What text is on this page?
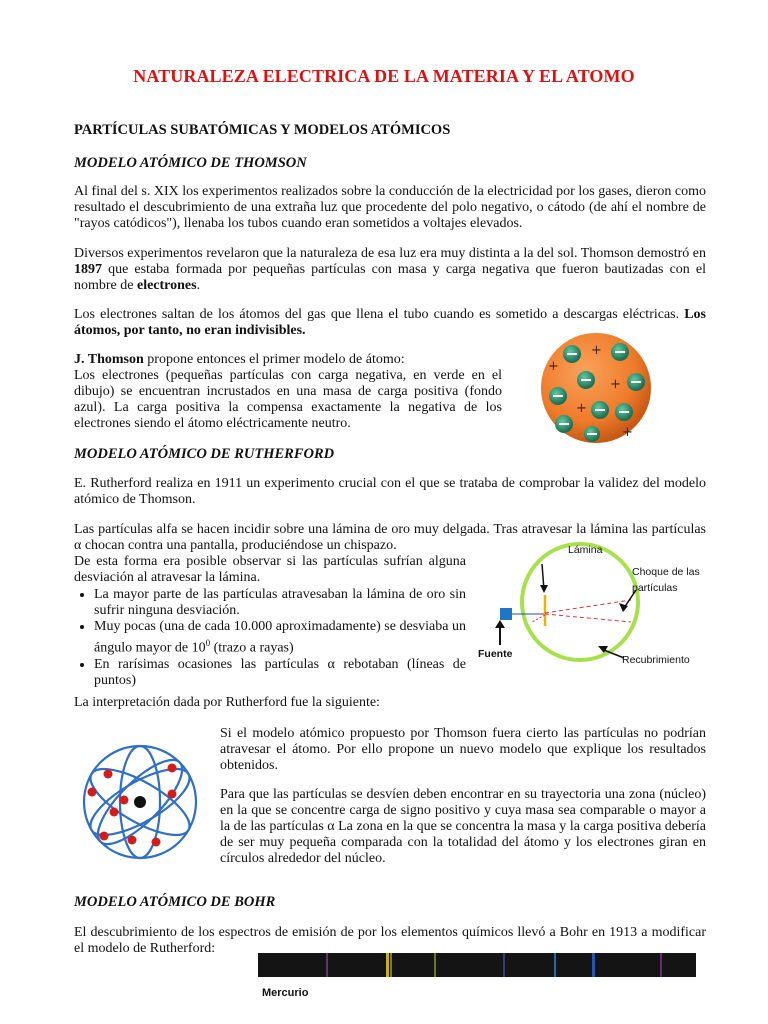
NATURALEZA ELECTRICA DE LA MATERIA Y EL ATOMO
PARTÍCULAS SUBATÓMICAS Y MODELOS ATÓMICOS
MODELO ATÓMICO DE THOMSON
Al final del s. XIX los experimentos realizados sobre la conducción de la electricidad por los gases, dieron como resultado el descubrimiento de una extraña luz que procedente del polo negativo, o cátodo (de ahí el nombre de "rayos catódicos"), llenaba los tubos cuando eran sometidos a voltajes elevados.
Diversos experimentos revelaron que la naturaleza de esa luz era muy distinta a la del sol. Thomson demostró en 1897 que estaba formada por pequeñas partículas con masa y carga negativa que fueron bautizadas con el nombre de electrones.
Los electrones saltan de los átomos del gas que llena el tubo cuando es sometido a descargas eléctricas. Los átomos, por tanto, no eran indivisibles.
J. Thomson propone entonces el primer modelo de átomo:
Los electrones (pequeñas partículas con carga negativa, en verde en el dibujo) se encuentran incrustados en una masa de carga positiva (fondo azul). La carga positiva la compensa exactamente la negativa de los electrones siendo el átomo eléctricamente neutro.
+
+
+
+
+
MODELO ATÓMICO DE RUTHERFORD
E. Rutherford realiza en 1911 un experimento crucial con el que se trataba de comprobar la validez del modelo atómico de Thomson.
Las partículas alfa se hacen incidir sobre una lámina de oro muy delgada. Tras atravesar la lámina las partículas α chocan contra una pantalla, produciéndose un chispazo.
De esta forma era posible observar si las partículas sufrían alguna desviación al atravesar la lámina.
• La mayor parte de las partículas atravesaban la lámina de oro sin sufrir ninguna desviación.
• Muy pocas (una de cada 10.000 aproximadamente) se desviaba un ángulo mayor de $10^0$ (trazo a rayas)
• En rarísimas ocasiones las partículas α rebotaban (líneas de puntos)
Lámina
Choque de las partículas
Fuente	Recubrimiento
La interpretación dada por Rutherford fue la siguiente:
Si el modelo atómico propuesto por Thomson fuera cierto las partículas no podrían atravesar el átomo. Por ello propone un nuevo modelo que explique los resultados obtenidos.
Para que las partículas se desvíen deben encontrar en su trayectoria una zona (núcleo) en la que se concentre carga de signo positivo y cuya masa sea comparable o mayor a la de las partículas α La zona en la que se concentra la masa y la carga positiva debería de ser muy pequeña comparada con la totalidad del átomo y los electrones giran en círculos alrededor del núcleo.
MODELO ATÓMICO DE BOHR
El descubrimiento de los espectros de emisión de por los elementos químicos llevó a Bohr en 1913 a modificar el modelo de Rutherford:
Mercurio
